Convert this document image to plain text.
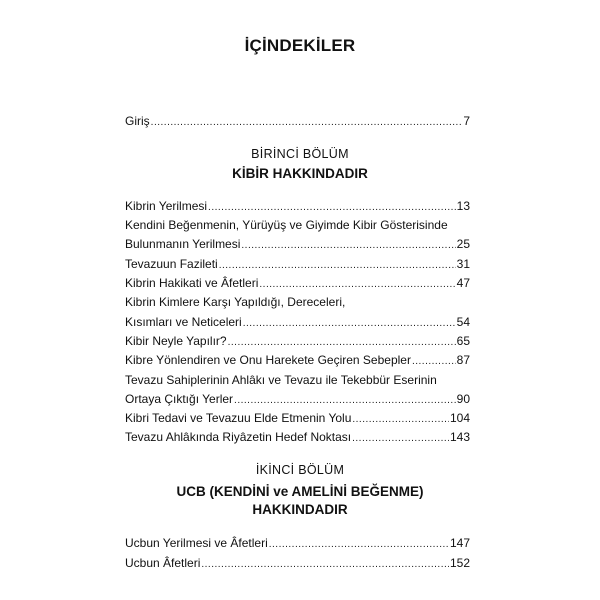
İÇİNDEKİLER
Giriş .....	7
BİRİNCİ BÖLÜM
KİBİR HAKKINDADIR
Kibrin Yerilmesi .....	13
Kendini Beğenmenin, Yürüyüş ve Giyimde Kibir Gösterisinde
Bulunmanın Yerilmesi .....	25
Tevazuun Fazileti .....	31
Kibrin Hakikati ve Âfetleri .....	47
Kibrin Kimlere Karşı Yapıldığı, Dereceleri,
Kısımları ve Neticeleri .....	54
Kibir Neyle Yapılır? .....	65
Kibre Yönlendiren ve Onu Harekete Geçiren Sebepler .....	87
Tevazu Sahiplerinin Ahlâkı ve Tevazu ile Tekebbür Eserinin
Ortaya Çıktığı Yerler .....	90
Kibri Tedavi ve Tevazuu Elde Etmenin Yolu .....	104
Tevazu Ahlâkında Riyâzetin Hedef Noktası .....	143
İKİNCİ BÖLÜM
UCB (KENDİNİ ve AMELİNİ BEĞENME)
HAKKINDADIR
Ucbun Yerilmesi ve Âfetleri .....	147
Ucbun Âfetleri .....	152
